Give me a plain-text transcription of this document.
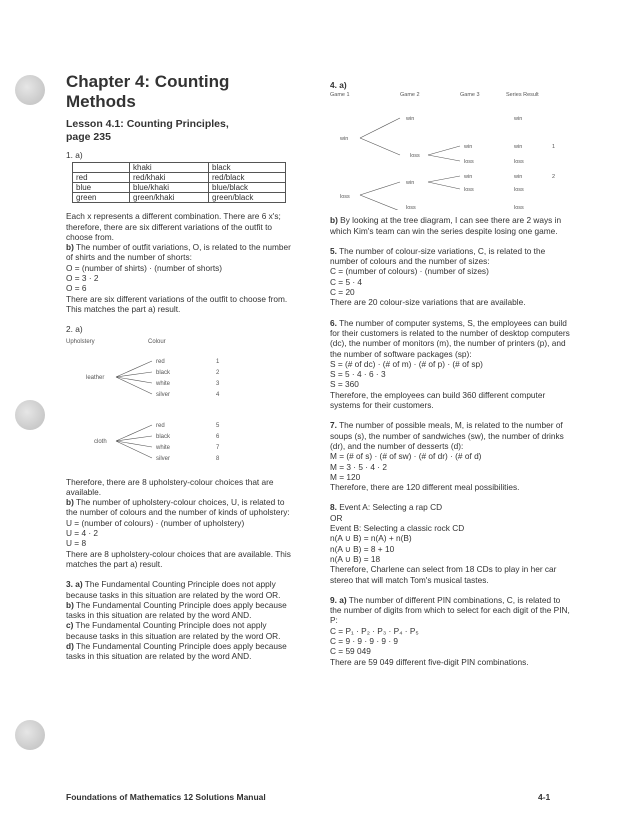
Chapter 4: Counting Methods
Lesson 4.1: Counting Principles,
page 235

1. a)

	khaki	black
red	red/khaki	red/black
blue	blue/khaki	blue/black
green	green/khaki	green/black

Each x represents a different combination. There are 6 x's; therefore, there are six different variations of the outfit to choose from.

b) The number of outfit variations, O, is related to the number of shirts and the number of shorts:

O = (number of shirts) · (number of shorts)

O = 3 · 2

O = 6

There are six different variations of the outfit to choose from. This matches the part a) result.

2. a)

Upholstery	Colour
leather
red	1
black	2
white	3
silver	4
cloth
red	5
black	6
white	7
silver	8

Therefore, there are 8 upholstery-colour choices that are available.

b) The number of upholstery-colour choices, U, is related to the number of colours and the number of kinds of upholstery:

U = (number of colours) · (number of upholstery)

U = 4 · 2

U = 8

There are 8 upholstery-colour choices that are available. This matches the part a) result.

3. a) The Fundamental Counting Principle does not apply because tasks in this situation are related by the word OR.

b) The Fundamental Counting Principle does apply because tasks in this situation are related by the word AND.

c) The Fundamental Counting Principle does not apply because tasks in this situation are related by the word OR.

d) The Fundamental Counting Principle does apply because tasks in this situation are related by the word AND.

4. a)

Game 1	Game 2	Game 3	Series Result
win
win	win
loss
win	win	1
loss	loss
loss
win
win	win	2
loss	loss
loss	loss

b) By looking at the tree diagram, I can see there are 2 ways in which Kim's team can win the series despite losing one game.

5. The number of colour-size variations, C, is related to the number of colours and the number of sizes:

C = (number of colours) · (number of sizes)

C = 5 · 4

C = 20

There are 20 colour-size variations that are available.

6. The number of computer systems, S, the employees can build for their customers is related to the number of desktop computers (dc), the number of monitors (m), the number of printers (p), and the number of software packages (sp):

S = (# of dc) · (# of m) · (# of p) · (# of sp)

S = 5 · 4 · 6 · 3

S = 360

Therefore, the employees can build 360 different computer systems for their customers.

7. The number of possible meals, M, is related to the number of soups (s), the number of sandwiches (sw), the number of drinks (dr), and the number of desserts (d):

M = (# of s) · (# of sw) · (# of dr) · (# of d)

M = 3 · 5 · 4 · 2

M = 120

Therefore, there are 120 different meal possibilities.

8. Event A: Selecting a rap CD

OR

Event B: Selecting a classic rock CD

n(A ∪ B) = n(A) + n(B)

n(A ∪ B) = 8 + 10

n(A ∪ B) = 18

Therefore, Charlene can select from 18 CDs to play in her car stereo that will match Tom's musical tastes.

9. a) The number of different PIN combinations, C, is related to the number of digits from which to select for each digit of the PIN, P:

C = P₁ · P₂ · P₃ · P₄ · P₅

C = 9 · 9 · 9 · 9 · 9

C = 59 049

There are 59 049 different five-digit PIN combinations.

Foundations of Mathematics 12 Solutions Manual	4-1
